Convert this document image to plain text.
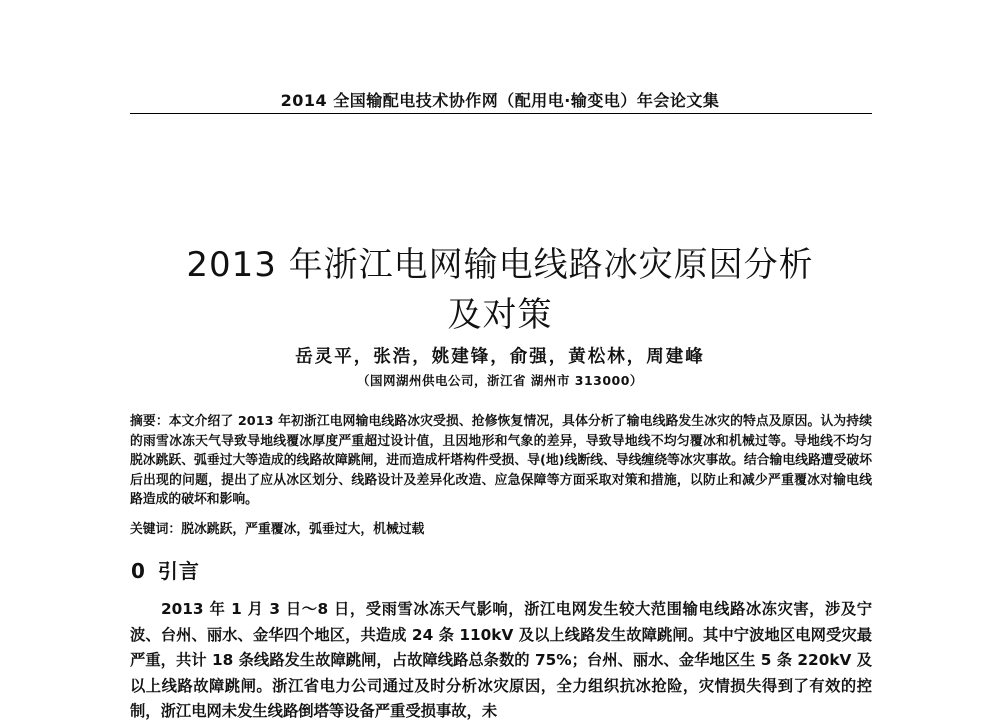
2014 全国输配电技术协作网（配用电·输变电）年会论文集
2013 年浙江电网输电线路冰灾原因分析
及对策
岳灵平，张浩，姚建锋，俞强，黄松林，周建峰
（国网湖州供电公司，浙江省 湖州市 313000）
摘要：本文介绍了 2013 年初浙江电网输电线路冰灾受损、抢修恢复情况，具体分析了输电线路发生冰灾的特点及原因。认为持续的雨雪冰冻天气导致导地线覆冰厚度严重超过设计值，且因地形和气象的差异，导致导地线不均匀覆冰和机械过等。导地线不均匀脱冰跳跃、弧垂过大等造成的线路故障跳闸，进而造成杆塔构件受损、导(地)线断线、导线缠绕等冰灾事故。结合输电线路遭受破坏后出现的问题，提出了应从冰区划分、线路设计及差异化改造、应急保障等方面采取对策和措施，以防止和减少严重覆冰对输电线路造成的破坏和影响。
关键词：脱冰跳跃，严重覆冰，弧垂过大，机械过载
0 引言

2013 年 1 月 3 日～8 日，受雨雪冰冻天气影响，浙江电网发生较大范围输电线路冰冻灾害，涉及宁波、台州、丽水、金华四个地区，共造成 24 条 110kV 及以上线路发生故障跳闸。其中宁波地区电网受灾最严重，共计 18 条线路发生故障跳闸，占故障线路总条数的 75%；台州、丽水、金华地区生 5 条 220kV 及以上线路故障跳闸。浙江省电力公司通过及时分析冰灾原因，全力组织抗冰抢险，灾情损失得到了有效的控制，浙江电网未发生线路倒塔等设备严重受损事故，未
